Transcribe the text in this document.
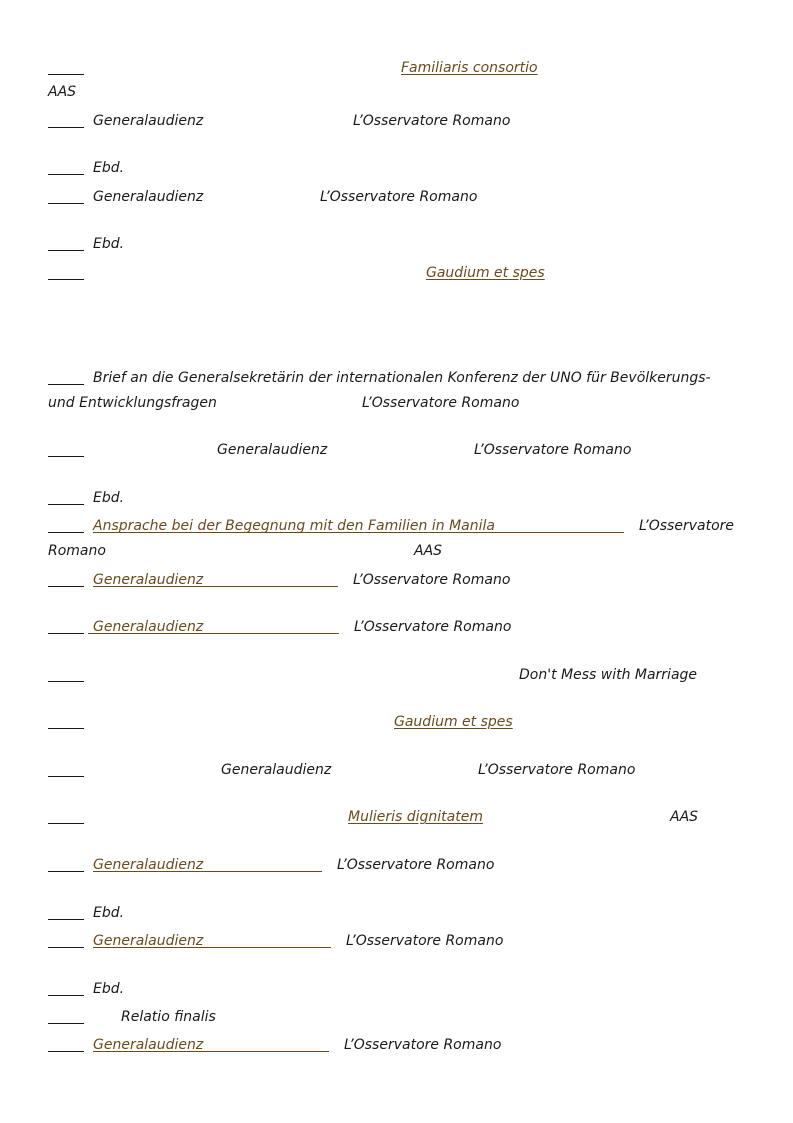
Familiaris consortio
AAS
Generalaudienz	L’Osservatore Romano
Ebd.
Generalaudienz	L’Osservatore Romano
Ebd.
Gaudium et spes
Brief an die Generalsekretärin der internationalen Konferenz der UNO für Bevölkerungs-
und Entwicklungsfragen	L’Osservatore Romano
Generalaudienz	L’Osservatore Romano
Ebd.
Ansprache bei der Begegnung mit den Familien in Manila	L’Osservatore
Romano	AAS
Generalaudienz	L’Osservatore Romano
Generalaudienz	L’Osservatore Romano
Don't Mess with Marriage
Gaudium et spes
Generalaudienz	L’Osservatore Romano
Mulieris dignitatem	AAS
Generalaudienz	L’Osservatore Romano
Ebd.
Generalaudienz	L’Osservatore Romano
Ebd.
Relatio finalis
Generalaudienz	L’Osservatore Romano
